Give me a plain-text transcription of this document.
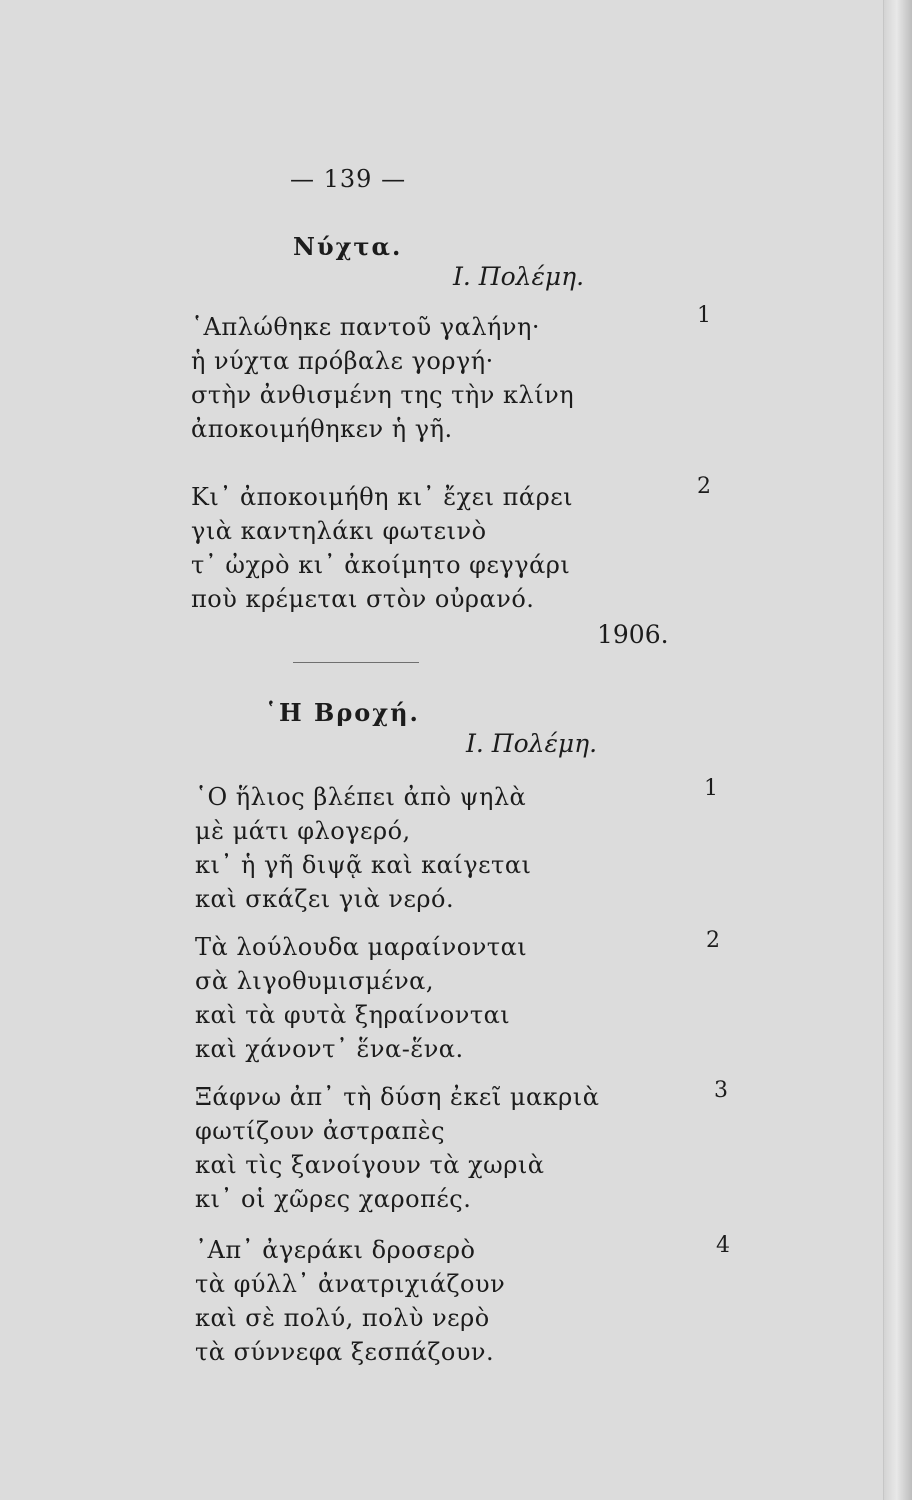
— 139 —
Νύχτα.
Ι. Πολέμη.
1
῾Απλώθηκε παντοῦ γαλήνη·
ἡ νύχτα πρόβαλε γοργή·
στὴν ἀνθισμένη της τὴν κλίνη
ἀποκοιμήθηκεν ἡ γῆ.
2
Κι᾽ ἀποκοιμήθη κι᾽ ἔχει πάρει
γιὰ καντηλάκι φωτεινὸ
τ᾽ ὠχρὸ κι᾽ ἀκοίμητο φεγγάρι
ποὺ κρέμεται στὸν οὐρανό.
1906.
῾Η Βροχή.
Ι. Πολέμη.
1
῾Ο ἥλιος βλέπει ἀπὸ ψηλὰ
μὲ μάτι φλογερό,
κι᾽ ἡ γῆ διψᾷ καὶ καίγεται
καὶ σκάζει γιὰ νερό.
2
Τὰ λούλουδα μαραίνονται
σὰ λιγοθυμισμένα,
καὶ τὰ φυτὰ ξηραίνονται
καὶ χάνοντ᾽ ἕνα-ἕνα.
3
Ξάφνω ἀπ᾽ τὴ δύση ἐκεῖ μακριὰ
φωτίζουν ἀστραπὲς
καὶ τὶς ξανοίγουν τὰ χωριὰ
κι᾽ οἱ χῶρες χαροπές.
4
᾽Απ᾽ ἀγεράκι δροσερὸ
τὰ φύλλ᾽ ἀνατριχιάζουν
καὶ σὲ πολύ, πολὺ νερὸ
τὰ σύννεφα ξεσπάζουν.
